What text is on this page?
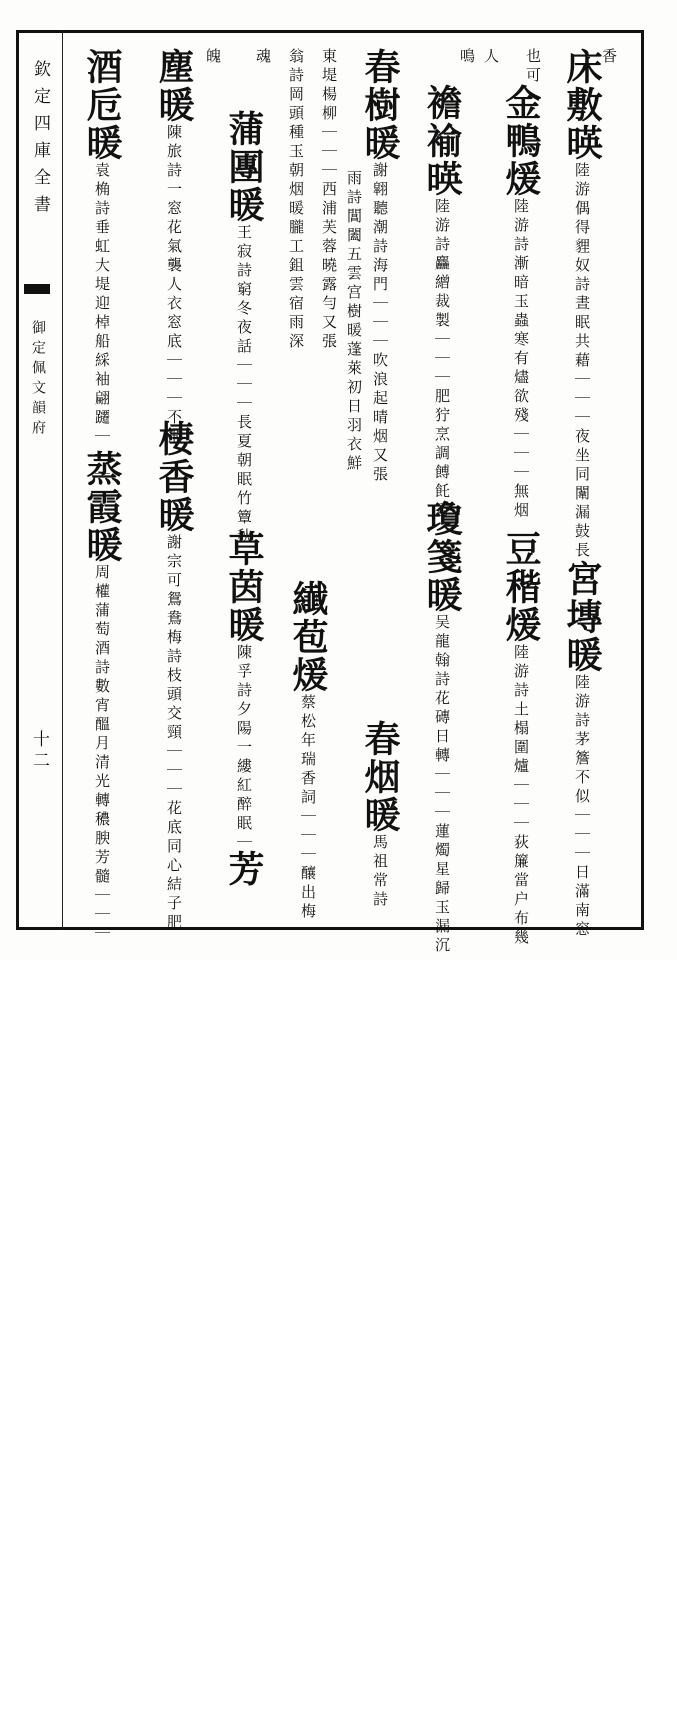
欽定四庫全書
御定佩文韻府
十二
香
床敷暎陸游偶得貍奴詩晝眠共藉｜｜｜夜坐同闈漏鼓長
宮塼暖陸游詩茅簷不似｜｜｜日滿南窓
也可
金鴨煖陸游詩漸暗玉蟲寒有燼欲殘｜｜｜無烟
豆稭煖陸游詩土榻圍爐｜｜｜荻簾當户布幾
人
鳴
襜褕暎陸游詩麤繒裁製｜｜｜肥狞烹調餺飥香
瓊箋暖吴龍翰詩花磚日轉｜｜｜蓮燭星歸玉漏沉
春樹暖謝翶聽潮詩海門｜｜｜吹浪起晴烟又張
雨詩閶闔五雲宫樹暖蓬萊初日羽衣鮮
春烟暖馬祖常詩
東堤楊柳｜｜｜西浦芙蓉曉露勻又張
纎苞煖蔡松年瑞香詞｜｜｜釀出梅
翁詩岡頭種玉朝烟暖朧工鉏雲宿雨深
魂
蒲團暖王寂詩窮冬夜話｜｜｜長夏朝眠竹簟秋
草茵暖陳孚詩夕陽一縷紅醉眠｜｜
芳
魄
塵暖陳旅詩一窓花氣襲人衣窓底｜｜｜不飛
棲香暖謝宗可鴛鴦梅詩枝頭交頸｜｜｜花底同心結子肥
酒卮暖袁桷詩垂虹大堤迎棹船綵袖翩躚｜｜｜
蒸霞暖周權蒲萄酒詩數宵醞月清光轉穠腴芳髓｜｜｜
